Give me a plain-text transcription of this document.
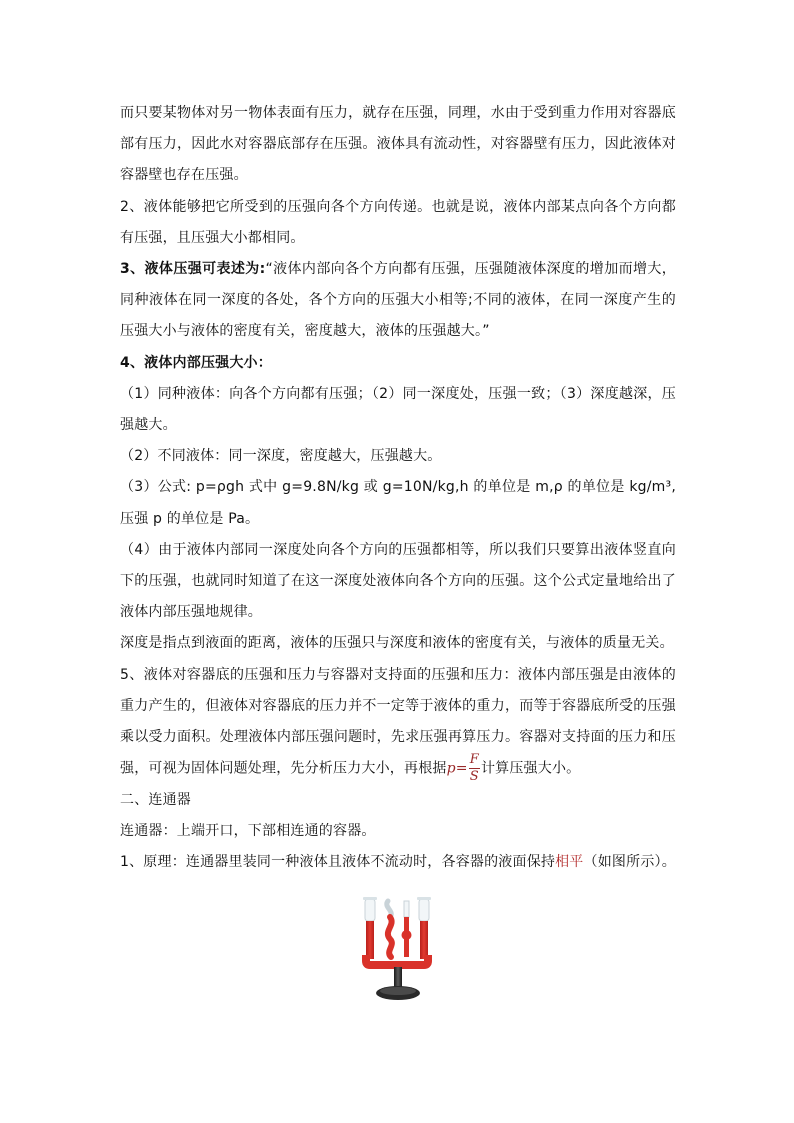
而只要某物体对另一物体表面有压力，就存在压强，同理，水由于受到重力作用对容器底部有压力，因此水对容器底部存在压强。液体具有流动性，对容器壁有压力，因此液体对容器壁也存在压强。

2、液体能够把它所受到的压强向各个方向传递。也就是说，液体内部某点向各个方向都有压强，且压强大小都相同。

3、液体压强可表述为:“液体内部向各个方向都有压强，压强随液体深度的增加而增大，同种液体在同一深度的各处，各个方向的压强大小相等;不同的液体，在同一深度产生的压强大小与液体的密度有关，密度越大，液体的压强越大。”

4、液体内部压强大小：

（1）同种液体：向各个方向都有压强；（2）同一深度处，压强一致；（3）深度越深，压强越大。

（2）不同液体：同一深度，密度越大，压强越大。

（3）公式: p=ρgh 式中 g=9.8N/kg 或 g=10N/kg,h 的单位是 m,ρ 的单位是 kg/m³,压强 p 的单位是 Pa。

（4）由于液体内部同一深度处向各个方向的压强都相等，所以我们只要算出液体竖直向下的压强，也就同时知道了在这一深度处液体向各个方向的压强。这个公式定量地给出了液体内部压强地规律。

深度是指点到液面的距离，液体的压强只与深度和液体的密度有关，与液体的质量无关。

5、液体对容器底的压强和压力与容器对支持面的压强和压力：液体内部压强是由液体的重力产生的，但液体对容器底的压力并不一定等于液体的重力，而等于容器底所受的压强乘以受力面积。处理液体内部压强问题时，先求压强再算压力。容器对支持面的压力和压强，可视为固体问题处理，先分析压力大小，再根据$p= \frac{F}{S}$ 计算压强大小。

二、连通器

连通器：上端开口，下部相连通的容器。

1、原理：连通器里装同一种液体且液体不流动时，各容器的液面保持相平（如图所示）。
